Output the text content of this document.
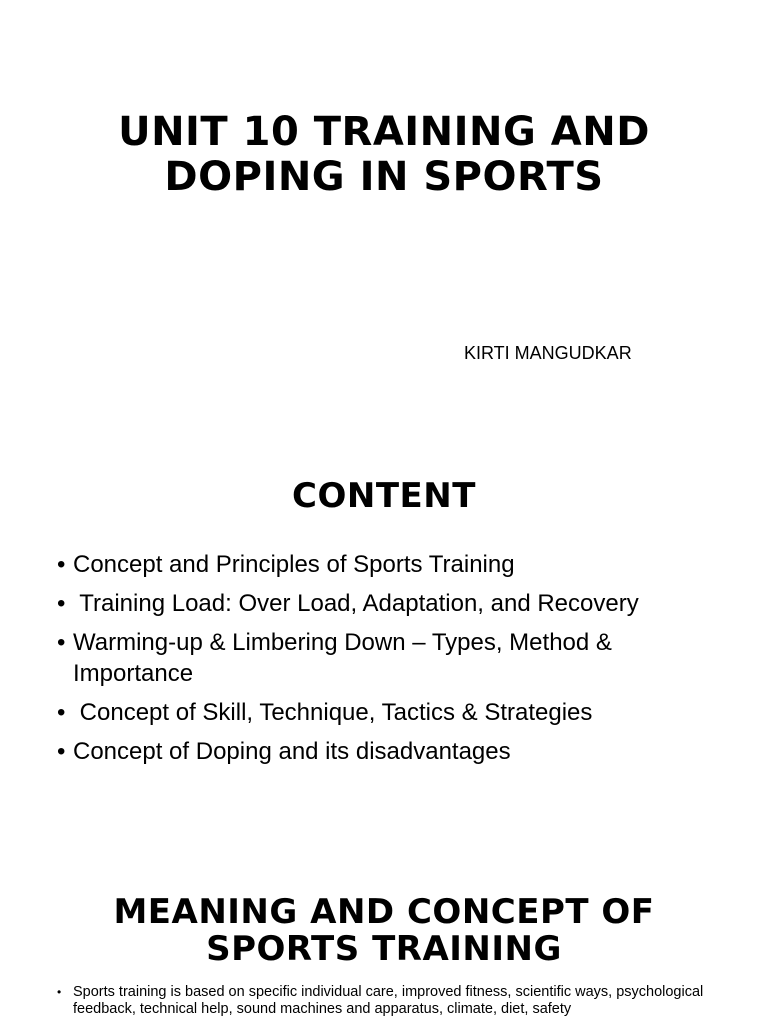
UNIT 10 TRAINING AND
DOPING IN SPORTS
KIRTI MANGUDKAR
CONTENT
• Concept and Principles of Sports Training
• Training Load: Over Load, Adaptation, and Recovery
• Warming-up & Limbering Down – Types, Method & Importance
• Concept of Skill, Technique, Tactics & Strategies
• Concept of Doping and its disadvantages
MEANING AND CONCEPT OF
SPORTS TRAINING
• Sports training is based on specific individual care, improved fitness, scientific ways, psychological feedback, technical help, sound machines and apparatus, climate, diet, safety
